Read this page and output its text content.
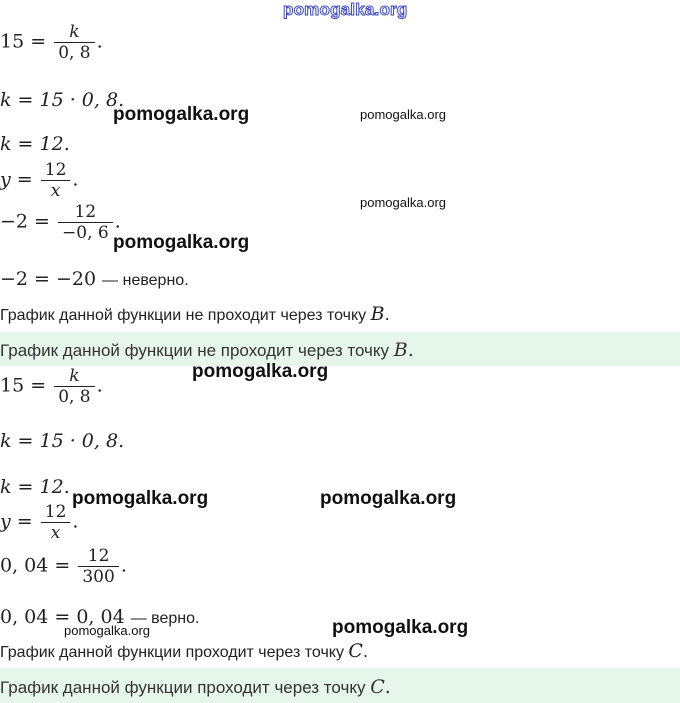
pomogalka.org
$15 = \frac{k}{0, 8}$ .
k = 15 · 0, 8.
k = 12.
$y = \frac{12}{x}$ .
$-2 = \frac{12}{-0, 6}$ .
−2 = −20 — неверно.
График данной функции не проходит через точку B.
График данной функции не проходит через точку B.
$15 = \frac{k}{0, 8}$ .
k = 15 · 0, 8.
k = 12.
$y = \frac{12}{x}$ .
0, $04 = \frac{12}{300}$ .
0, 04 = 0, 04 — верно.
График данной функции проходит через точку C.
График данной функции проходит через точку C.
pomogalka.org	pomogalka.org
pomogalka.org
pomogalka.org
pomogalka.org
pomogalka.org	pomogalka.org
pomogalka.org	pomogalka.org
